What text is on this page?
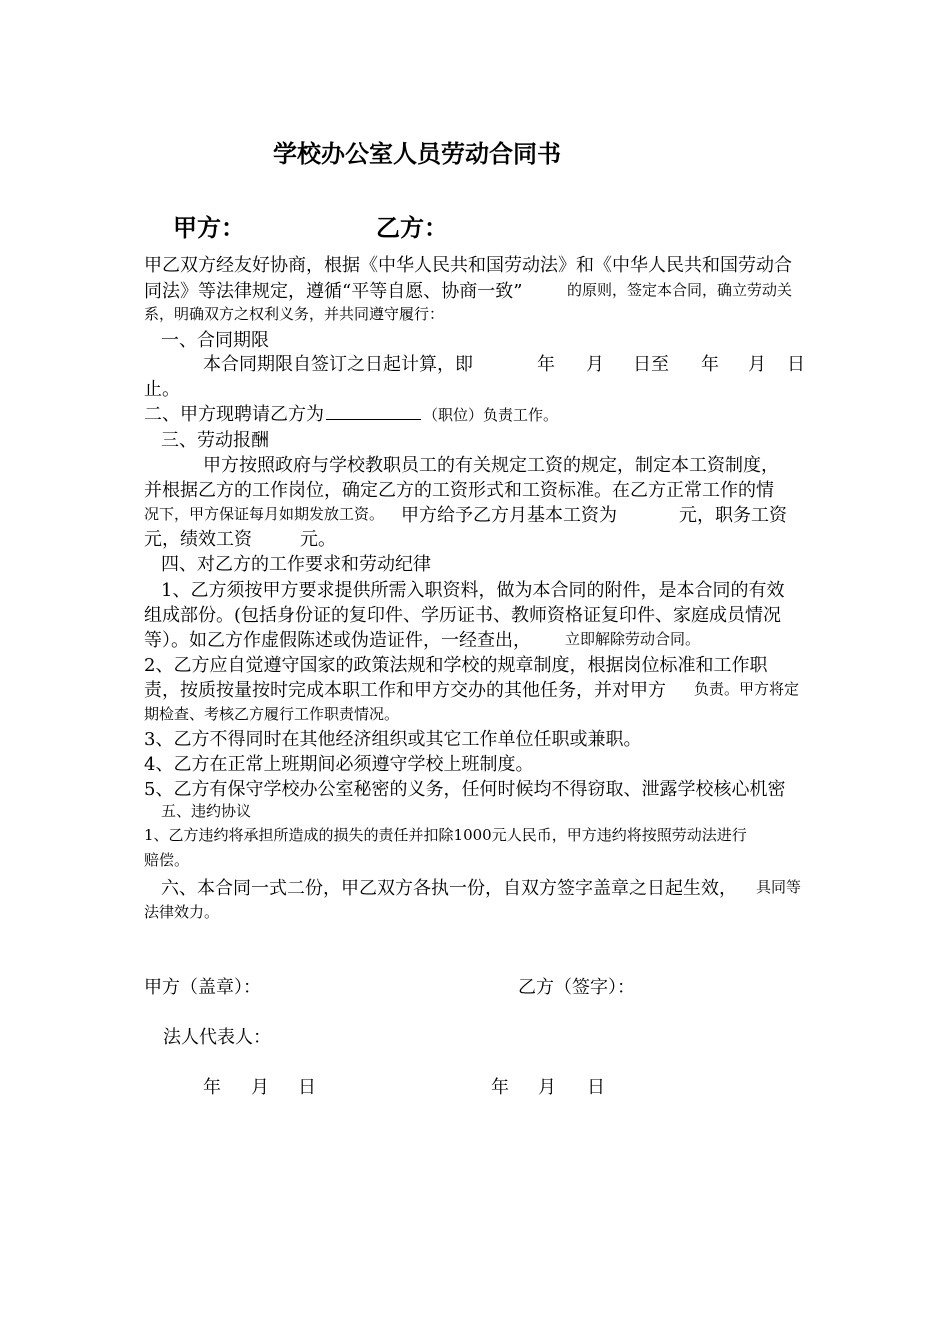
学校办公室人员劳动合同书
甲方：	乙方：
甲乙双方经友好协商，根据《中华人民共和国劳动法》和《中华人民共和国劳动合
同法》等法律规定，遵循“平等自愿、协商一致”	的原则，签定本合同，确立劳动关
系，明确双方之权利义务，并共同遵守履行：
一、合同期限
本合同期限自签订之日起计算，即	年 月 日至 年 月 日
止。
二、甲方现聘请乙方为	（职位）负责工作。
三、劳动报酬
甲方按照政府与学校教职员工的有关规定工资的规定，制定本工资制度，
并根据乙方的工作岗位，确定乙方的工资形式和工资标准。在乙方正常工作的情
况下，甲方保证每月如期发放工资。 甲方给予乙方月基本工资为	元，职务工资
元，绩效工资	元。
四、对乙方的工作要求和劳动纪律
1、乙方须按甲方要求提供所需入职资料，做为本合同的附件，是本合同的有效
组成部份。(包括身份证的复印件、学历证书、教师资格证复印件、家庭成员情况
等）。如乙方作虚假陈述或伪造证件，一经查出， 立即解除劳动合同。
2、乙方应自觉遵守国家的政策法规和学校的规章制度，根据岗位标准和工作职
责，按质按量按时完成本职工作和甲方交办的其他任务，并对甲方 负责。甲方将定
期检查、考核乙方履行工作职责情况。
3、乙方不得同时在其他经济组织或其它工作单位任职或兼职。
4、乙方在正常上班期间必须遵守学校上班制度。
5、乙方有保守学校办公室秘密的义务，任何时候均不得窃取、泄露学校核心机密
五、违约协议
1、乙方违约将承担所造成的损失的责任并扣除1000元人民币，甲方违约将按照劳动法进行
赔偿。
六、本合同一式二份，甲乙双方各执一份，自双方签字盖章之日起生效， 具同等
法律效力。
甲方（盖章）：	乙方（签字）：
法人代表人：
年 月 日	年 月 日
